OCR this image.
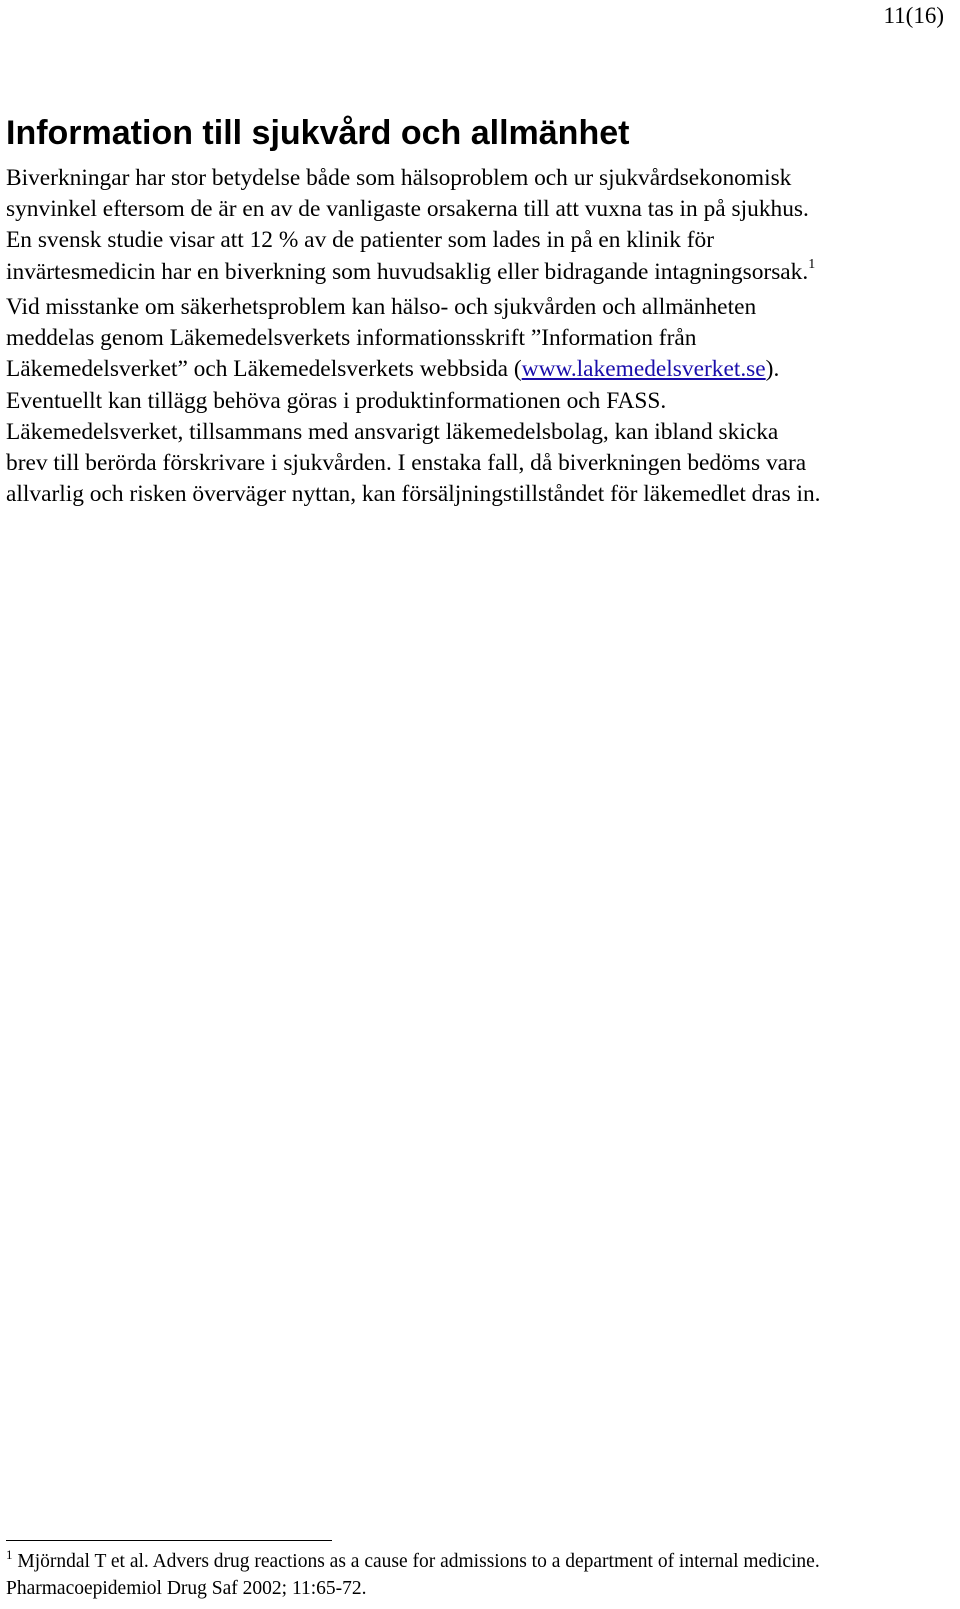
11(16)
Information till sjukvård och allmänhet
Biverkningar har stor betydelse både som hälsoproblem och ur sjukvårdsekonomisk
synvinkel eftersom de är en av de vanligaste orsakerna till att vuxna tas in på sjukhus.
En svensk studie visar att 12 % av de patienter som lades in på en klinik för
invärtesmedicin har en biverkning som huvudsaklig eller bidragande intagningsorsak.$^1$
Vid misstanke om säkerhetsproblem kan hälso- och sjukvården och allmänheten
meddelas genom Läkemedelsverkets informationsskrift ”Information från
Läkemedelsverket” och Läkemedelsverkets webbsida (www.lakemedelsverket.se).
Eventuellt kan tillägg behöva göras i produktinformationen och FASS.
Läkemedelsverket, tillsammans med ansvarigt läkemedelsbolag, kan ibland skicka
brev till berörda förskrivare i sjukvården. I enstaka fall, då biverkningen bedöms vara
allvarlig och risken överväger nyttan, kan försäljningstillståndet för läkemedlet dras in.
$^1$ Mjörndal T et al. Advers drug reactions as a cause for admissions to a department of internal medicine.
Pharmacoepidemiol Drug Saf 2002; 11:65-72.
